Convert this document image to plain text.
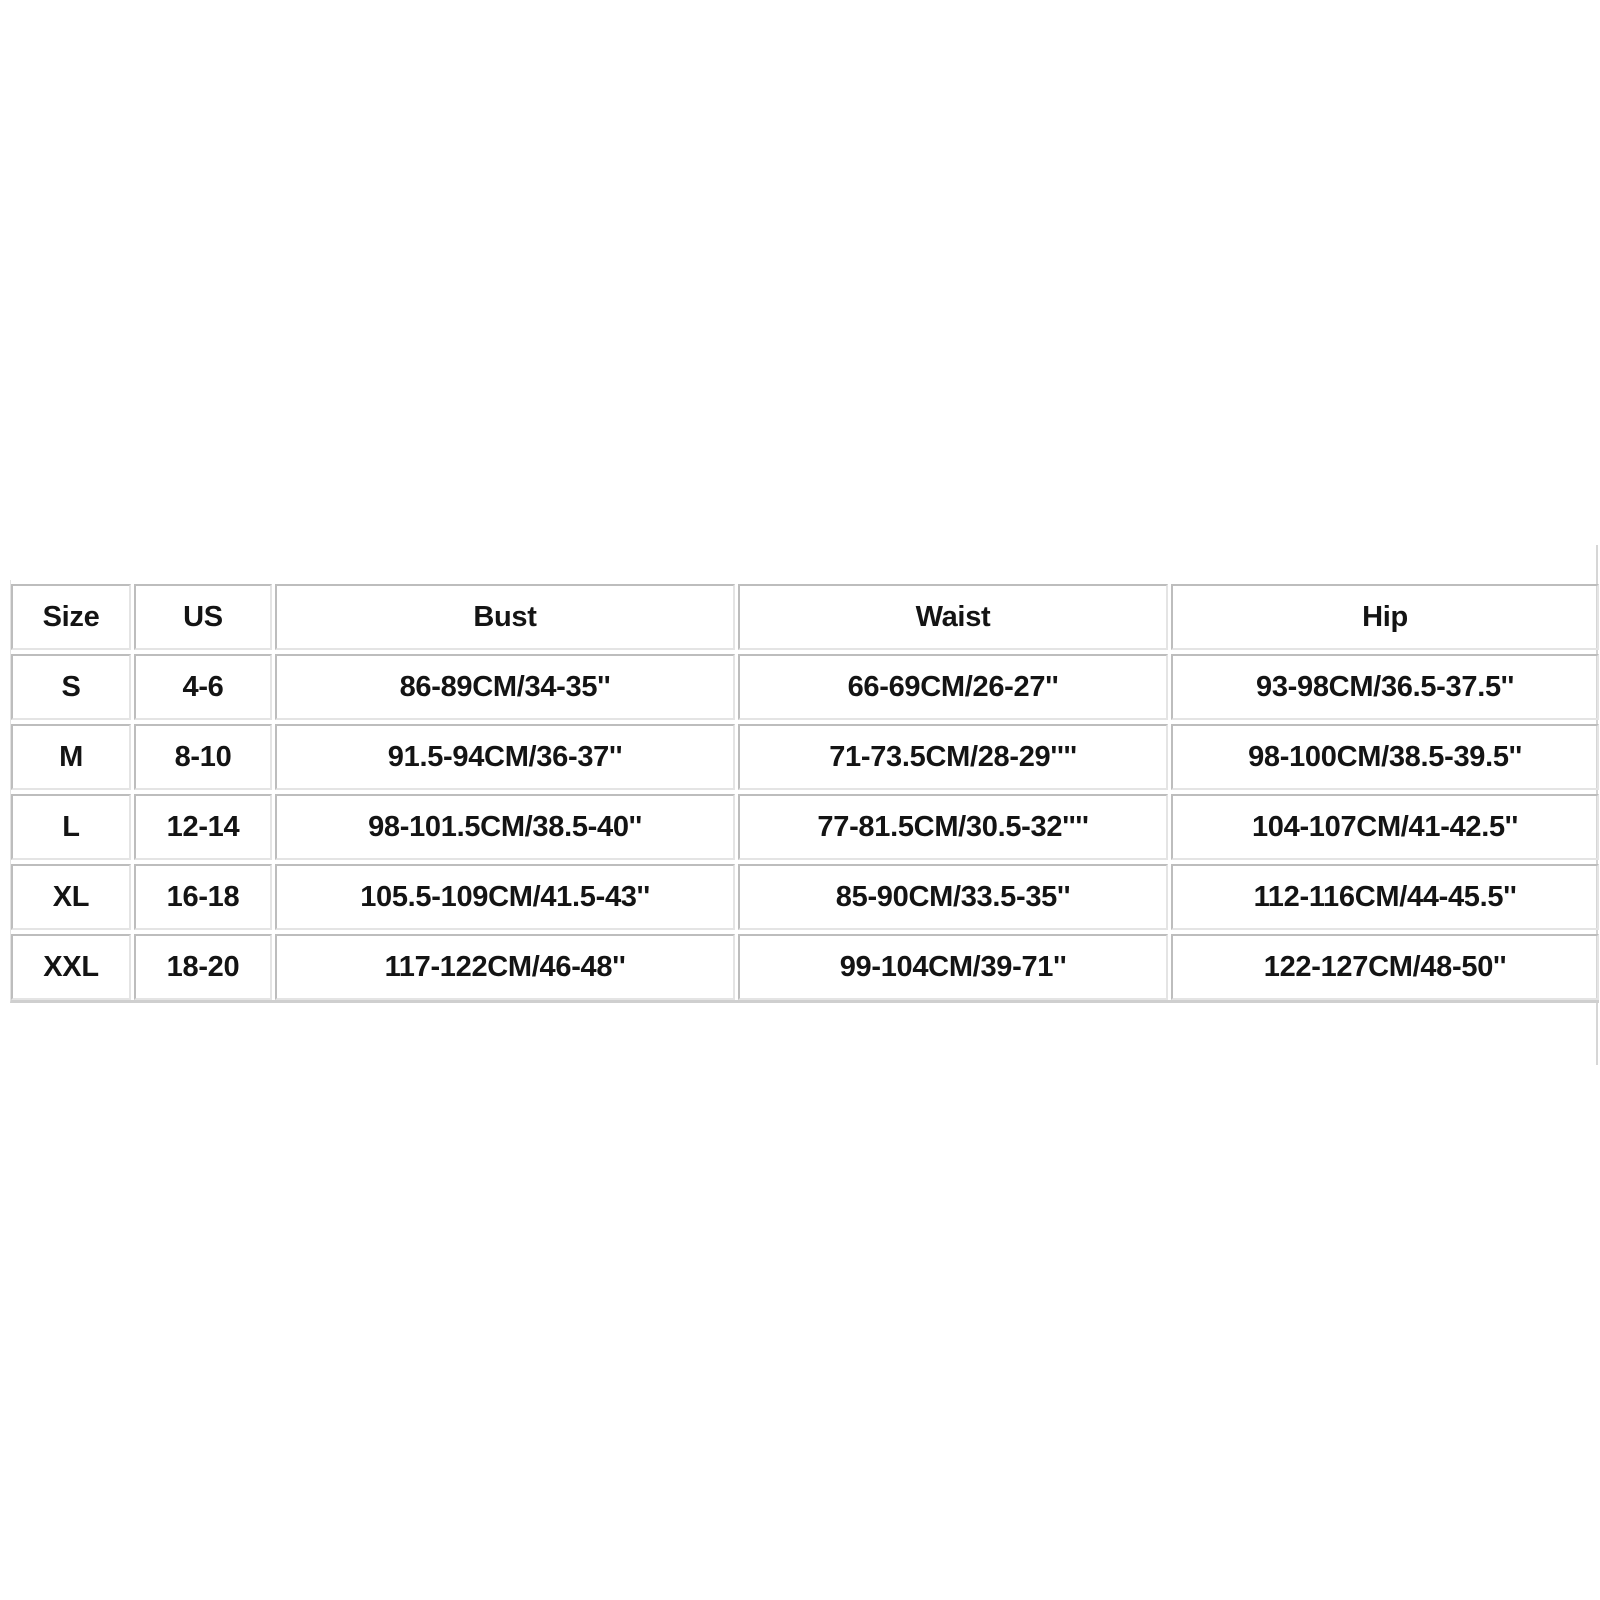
Size	US	Bust	Waist	Hip
S	4-6	86-89CM/34-35''	66-69CM/26-27''	93-98CM/36.5-37.5''
M	8-10	91.5-94CM/36-37''	71-73.5CM/28-29''''	98-100CM/38.5-39.5''
L	12-14	98-101.5CM/38.5-40''	77-81.5CM/30.5-32''''	104-107CM/41-42.5''
XL	16-18	105.5-109CM/41.5-43''	85-90CM/33.5-35''	112-116CM/44-45.5''
XXL	18-20	117-122CM/46-48''	99-104CM/39-71''	122-127CM/48-50''
